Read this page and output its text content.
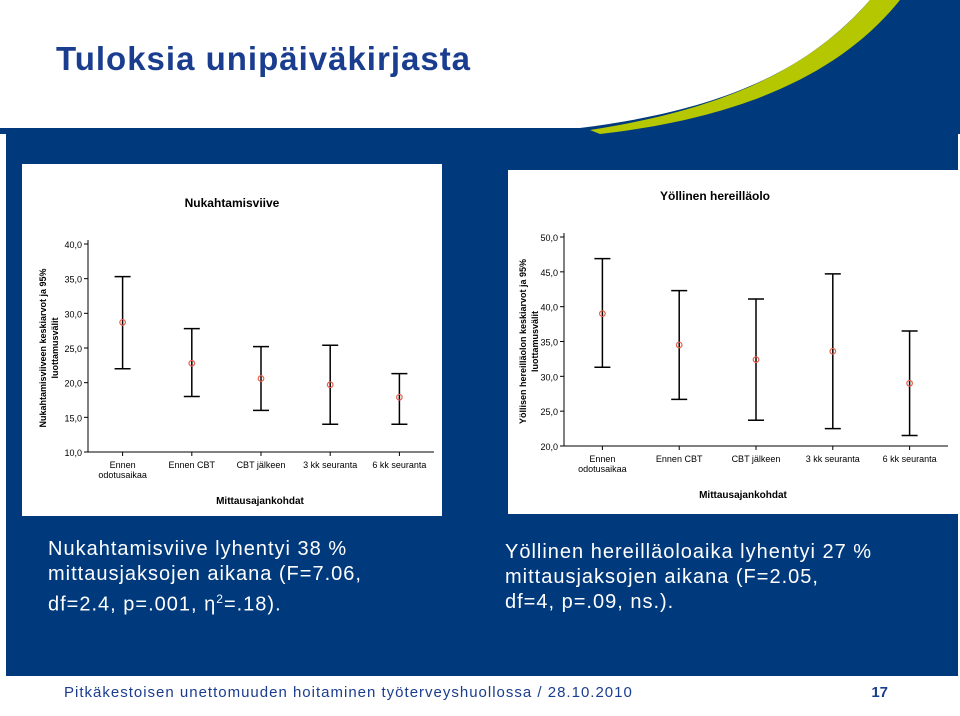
Tuloksia unipäiväkirjasta
Nukahtamisviive
10,0
15,0
20,0
25,0
30,0
35,0
40,0
Nukahtamisviiveen keskiarvot ja 95% luottamusvälit
Ennen
odotusaikaa
Ennen CBT CBT jälkeen 3 kk seuranta 6 kk seuranta
Mittausajankohdat
Yöllinen hereilläolo
20,0
25,0
30,0
35,0
40,0
45,0
50,0
Yöllisen hereilläolon keskiarvot ja 95% luottamusvälit
Ennen
odotusaikaa
Ennen CBT	CBT jälkeen	3 kk seuranta	6 kk seuranta
Mittausajankohdat
Nukahtamisviive lyhentyi 38 %
mittausjaksojen aikana (F=7.06,
df=2.4, p=.001, $\eta^2=.18$).
Yöllinen hereilläoloaika lyhentyi 27 %
mittausjaksojen aikana (F=2.05,
df=4, p=.09, ns.).
Pitkäkestoisen unettomuuden hoitaminen työterveyshuollossa / 28.10.2010	17
